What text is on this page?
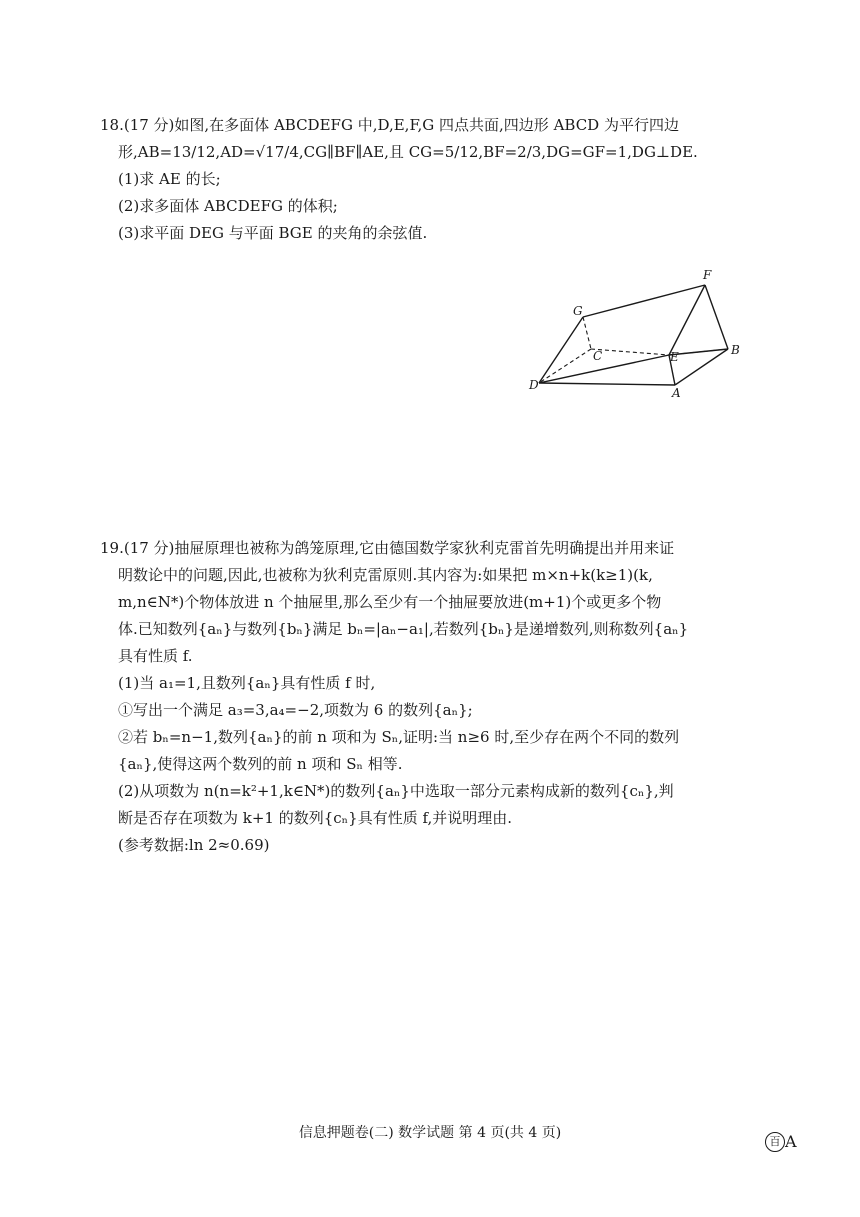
18.(17 分)如图,在多面体 ABCDEFG 中,D,E,F,G 四点共面,四边形 ABCD 为平行四边
形,AB=13/12,AD=√17/4,CG∥BF∥AE,且 CG=5/12,BF=2/3,DG=GF=1,DG⊥DE.
(1)求 AE 的长;
(2)求多面体 ABCDEFG 的体积;
(3)求平面 DEG 与平面 BGE 的夹角的余弦值.
F
G
C	E	B
D
A
19.(17 分)抽屉原理也被称为鸽笼原理,它由德国数学家狄利克雷首先明确提出并用来证
明数论中的问题,因此,也被称为狄利克雷原则.其内容为:如果把 m×n+k(k≥1)(k,
m,n∈N*)个物体放进 n 个抽屉里,那么至少有一个抽屉要放进(m+1)个或更多个物
体.已知数列{aₙ}与数列{bₙ}满足 bₙ=|aₙ−a₁|,若数列{bₙ}是递增数列,则称数列{aₙ}
具有性质 f.
(1)当 a₁=1,且数列{aₙ}具有性质 f 时,
①写出一个满足 a₃=3,a₄=−2,项数为 6 的数列{aₙ};
②若 bₙ=n−1,数列{aₙ}的前 n 项和为 Sₙ,证明:当 n≥6 时,至少存在两个不同的数列
{aₙ},使得这两个数列的前 n 项和 Sₙ 相等.
(2)从项数为 n(n=k²+1,k∈N*)的数列{aₙ}中选取一部分元素构成新的数列{cₙ},判
断是否存在项数为 k+1 的数列{cₙ}具有性质 f,并说明理由.
(参考数据:ln 2≈0.69)
信息押题卷(二) 数学试题 第 4 页(共 4 页)	百 A
